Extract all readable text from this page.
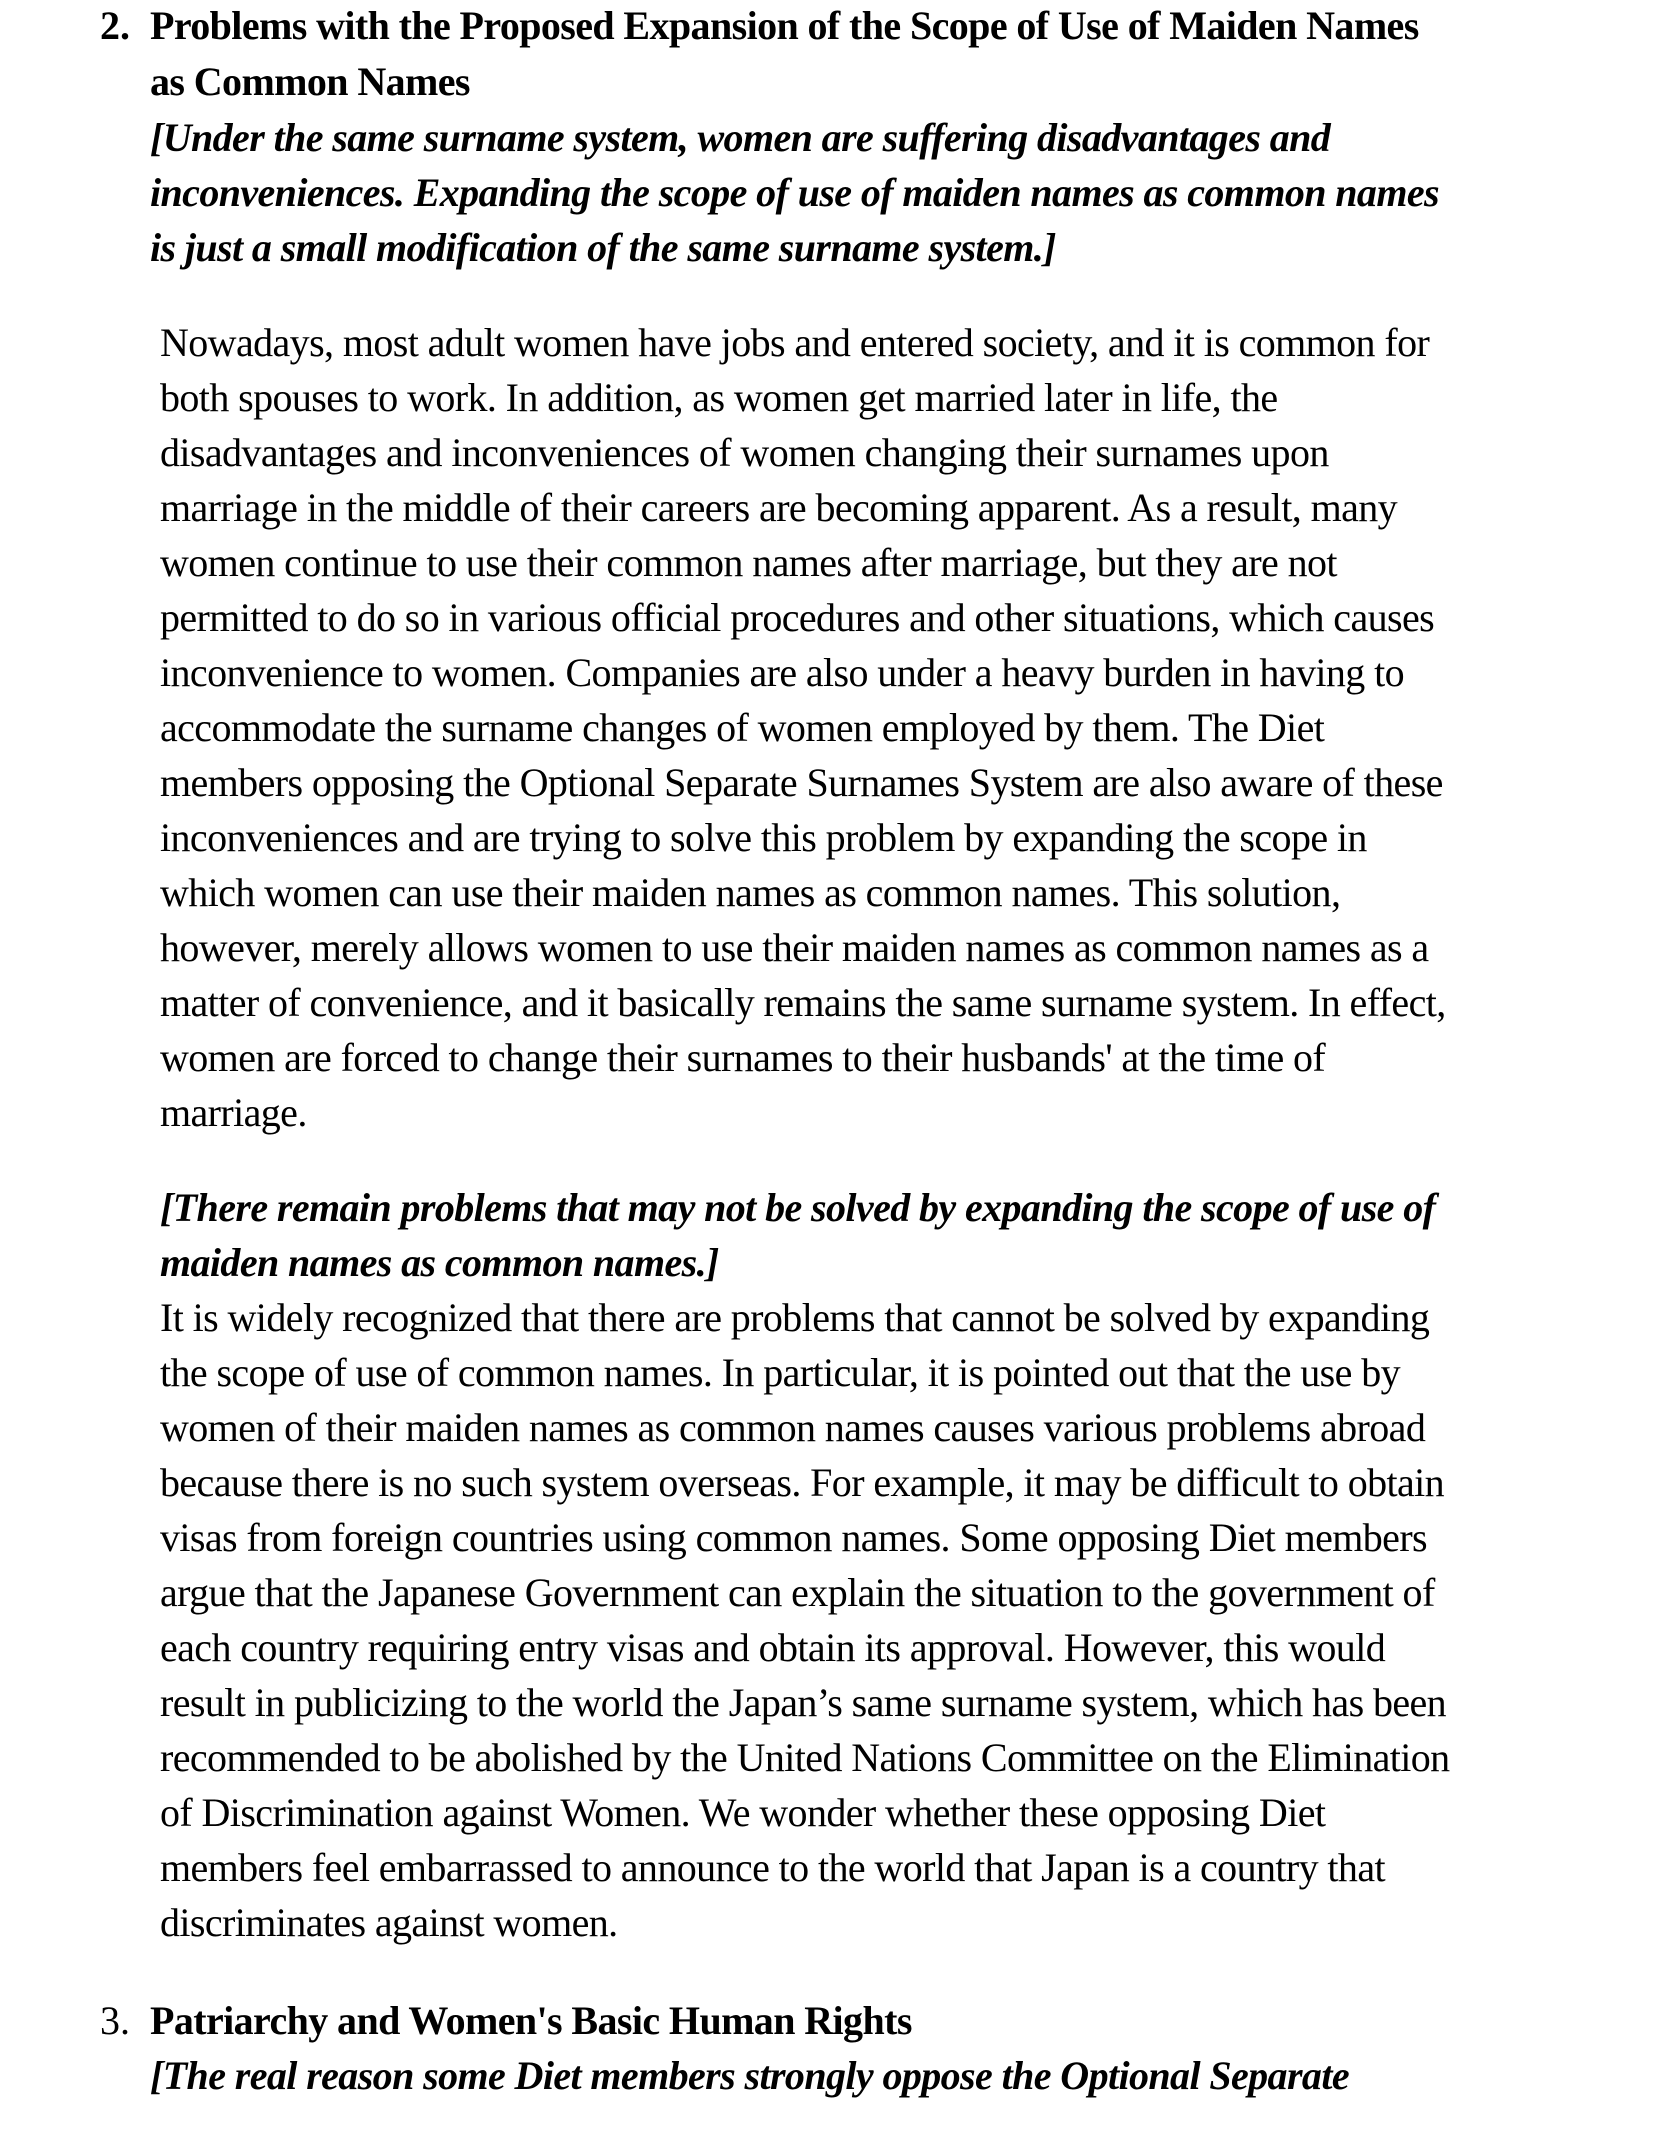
2. Problems with the Proposed Expansion of the Scope of Use of Maiden Names
as Common Names
[Under the same surname system, women are suffering disadvantages and
inconveniences. Expanding the scope of use of maiden names as common names
is just a small modification of the same surname system.]
Nowadays, most adult women have jobs and entered society, and it is common for
both spouses to work. In addition, as women get married later in life, the
disadvantages and inconveniences of women changing their surnames upon
marriage in the middle of their careers are becoming apparent. As a result, many
women continue to use their common names after marriage, but they are not
permitted to do so in various official procedures and other situations, which causes
inconvenience to women. Companies are also under a heavy burden in having to
accommodate the surname changes of women employed by them. The Diet
members opposing the Optional Separate Surnames System are also aware of these
inconveniences and are trying to solve this problem by expanding the scope in
which women can use their maiden names as common names. This solution,
however, merely allows women to use their maiden names as common names as a
matter of convenience, and it basically remains the same surname system. In effect,
women are forced to change their surnames to their husbands' at the time of
marriage.
[There remain problems that may not be solved by expanding the scope of use of
maiden names as common names.]
It is widely recognized that there are problems that cannot be solved by expanding
the scope of use of common names. In particular, it is pointed out that the use by
women of their maiden names as common names causes various problems abroad
because there is no such system overseas. For example, it may be difficult to obtain
visas from foreign countries using common names. Some opposing Diet members
argue that the Japanese Government can explain the situation to the government of
each country requiring entry visas and obtain its approval. However, this would
result in publicizing to the world the Japan’s same surname system, which has been
recommended to be abolished by the United Nations Committee on the Elimination
of Discrimination against Women. We wonder whether these opposing Diet
members feel embarrassed to announce to the world that Japan is a country that
discriminates against women.
3. Patriarchy and Women's Basic Human Rights
[The real reason some Diet members strongly oppose the Optional Separate
